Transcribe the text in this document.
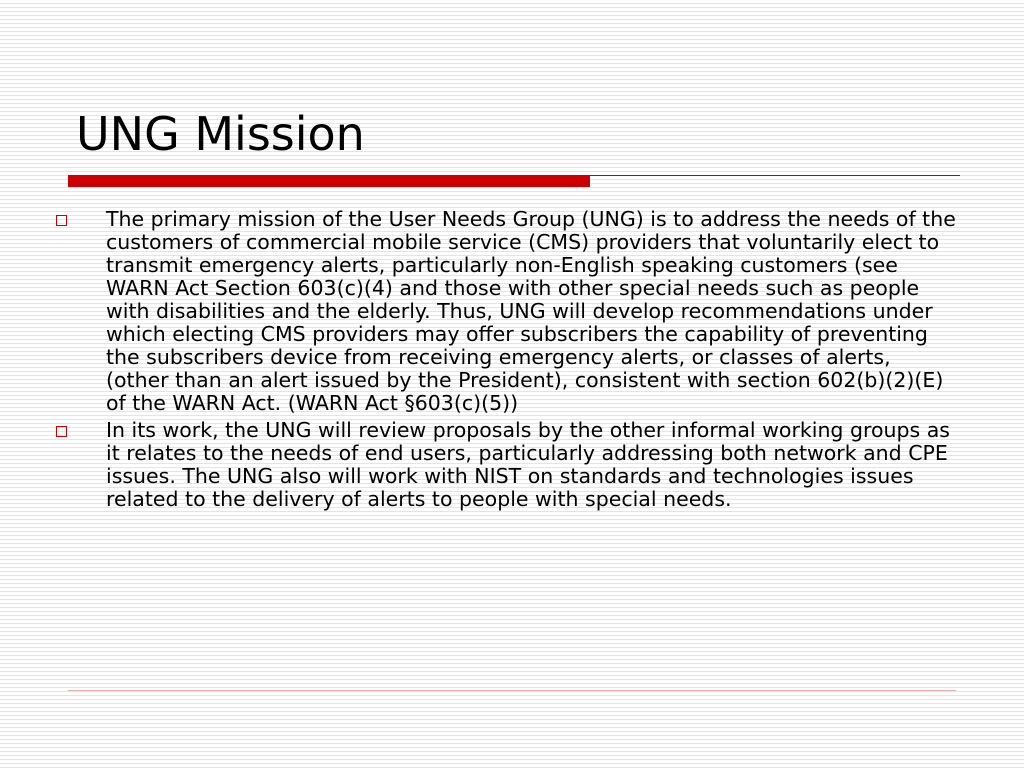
UNG Mission
The primary mission of the User Needs Group (UNG) is to address the needs of the customers of commercial mobile service (CMS) providers that voluntarily elect to transmit emergency alerts, particularly non-English speaking customers (see WARN Act Section 603(c)(4) and those with other special needs such as people with disabilities and the elderly. Thus, UNG will develop recommendations under which electing CMS providers may offer subscribers the capability of preventing the subscribers device from receiving emergency alerts, or classes of alerts, (other than an alert issued by the President), consistent with section 602(b)(2)(E) of the WARN Act. (WARN Act §603(c)(5))
In its work, the UNG will review proposals by the other informal working groups as it relates to the needs of end users, particularly addressing both network and CPE issues. The UNG also will work with NIST on standards and technologies issues related to the delivery of alerts to people with special needs.
